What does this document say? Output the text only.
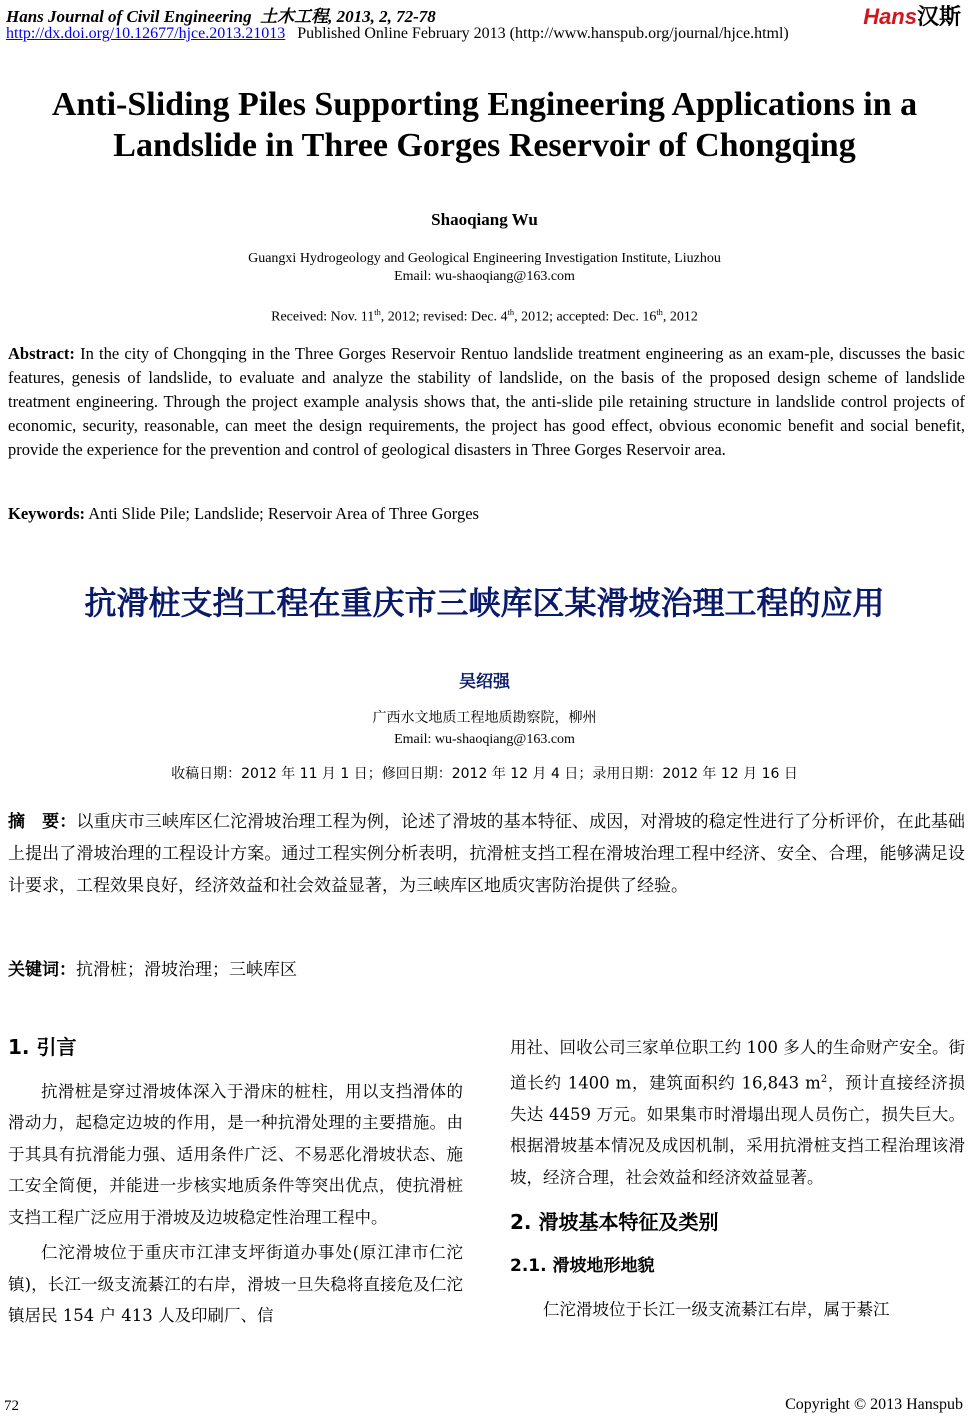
Hans Journal of Civil Engineering 土木工程, 2013, 2, 72-78
http://dx.doi.org/10.12677/hjce.2013.21013 Published Online February 2013 (http://www.hanspub.org/journal/hjce.html)
Hans汉斯
Anti-Sliding Piles Supporting Engineering Applications in a
Landslide in Three Gorges Reservoir of Chongqing
Shaoqiang Wu
Guangxi Hydrogeology and Geological Engineering Investigation Institute, Liuzhou
Email: wu-shaoqiang@163.com
Received: Nov. 11th, 2012; revised: Dec. 4th, 2012; accepted: Dec. 16th, 2012
Abstract: In the city of Chongqing in the Three Gorges Reservoir Rentuo landslide treatment engineering as an exam-ple, discusses the basic features, genesis of landslide, to evaluate and analyze the stability of landslide, on the basis of the proposed design scheme of landslide treatment engineering. Through the project example analysis shows that, the anti-slide pile retaining structure in landslide control projects of economic, security, reasonable, can meet the design requirements, the project has good effect, obvious economic benefit and social benefit, provide the experience for the prevention and control of geological disasters in Three Gorges Reservoir area.
Keywords: Anti Slide Pile; Landslide; Reservoir Area of Three Gorges
抗滑桩支挡工程在重庆市三峡库区某滑坡治理工程的应用
吴绍强
广西水文地质工程地质勘察院，柳州
Email: wu-shaoqiang@163.com
收稿日期：2012 年 11 月 1 日；修回日期：2012 年 12 月 4 日；录用日期：2012 年 12 月 16 日
摘　要：以重庆市三峡库区仁沱滑坡治理工程为例，论述了滑坡的基本特征、成因，对滑坡的稳定性进行了分析评价，在此基础上提出了滑坡治理的工程设计方案。通过工程实例分析表明，抗滑桩支挡工程在滑坡治理工程中经济、安全、合理，能够满足设计要求，工程效果良好，经济效益和社会效益显著，为三峡库区地质灾害防治提供了经验。
关键词：抗滑桩；滑坡治理；三峡库区
1. 引言

抗滑桩是穿过滑坡体深入于滑床的桩柱，用以支挡滑体的滑动力，起稳定边坡的作用，是一种抗滑处理的主要措施。由于其具有抗滑能力强、适用条件广泛、不易恶化滑坡状态、施工安全简便，并能进一步核实地质条件等突出优点，使抗滑桩支挡工程广泛应用于滑坡及边坡稳定性治理工程中。

仁沱滑坡位于重庆市江津支坪街道办事处(原江津市仁沱镇)，长江一级支流綦江的右岸，滑坡一旦失稳将直接危及仁沱镇居民 154 户 413 人及印刷厂、信

用社、回收公司三家单位职工约 100 多人的生命财产安全。街道长约 1400 m，建筑面积约 16,843 $m^2$，预计直接经济损失达 4459 万元。如果集市时滑塌出现人员伤亡，损失巨大。根据滑坡基本情况及成因机制，采用抗滑桩支挡工程治理该滑坡，经济合理，社会效益和经济效益显著。
2. 滑坡基本特征及类别
2.1. 滑坡地形地貌

仁沱滑坡位于长江一级支流綦江右岸，属于綦江

72	Copyright © 2013 Hanspub
